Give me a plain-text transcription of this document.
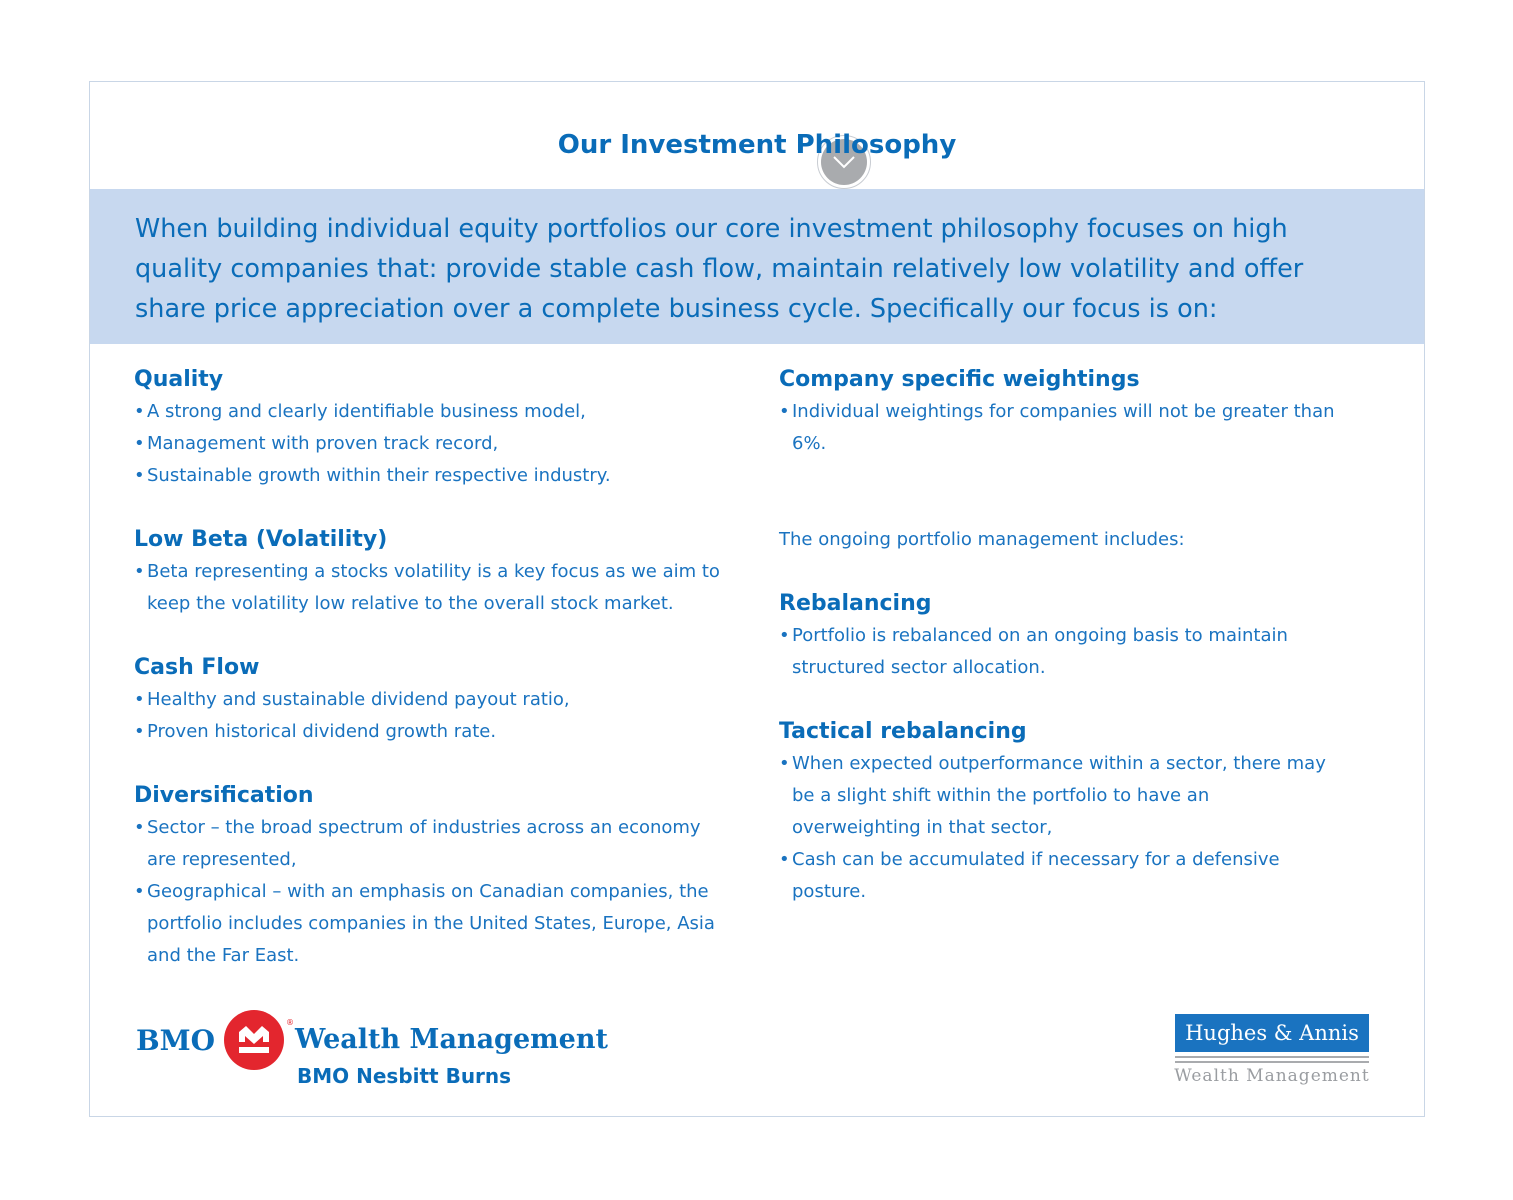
Our Investment Philosophy

When building individual equity portfolios our core investment philosophy focuses on high quality companies that: provide stable cash flow, maintain relatively low volatility and offer share price appreciation over a complete business cycle. Specifically our focus is on:

Quality
• A strong and clearly identifiable business model,
• Management with proven track record,
• Sustainable growth within their respective industry.
Low Beta (Volatility)
• Beta representing a stocks volatility is a key focus as we aim to keep the volatility low relative to the overall stock market.
Cash Flow
• Healthy and sustainable dividend payout ratio,
• Proven historical dividend growth rate.
Diversification
• Sector – the broad spectrum of industries across an economy are represented,
• Geographical – with an emphasis on Canadian companies, the portfolio includes companies in the United States, Europe, Asia and the Far East.
Company specific weightings
• Individual weightings for companies will not be greater than 6%.

The ongoing portfolio management includes:

Rebalancing
• Portfolio is rebalanced on an ongoing basis to maintain structured sector allocation.
Tactical rebalancing
• When expected outperformance within a sector, there may be a slight shift within the portfolio to have an overweighting in that sector,
• Cash can be accumulated if necessary for a defensive posture.
BMO
®
Wealth Management
BMO Nesbitt Burns
Hughes & Annis
Wealth Management
